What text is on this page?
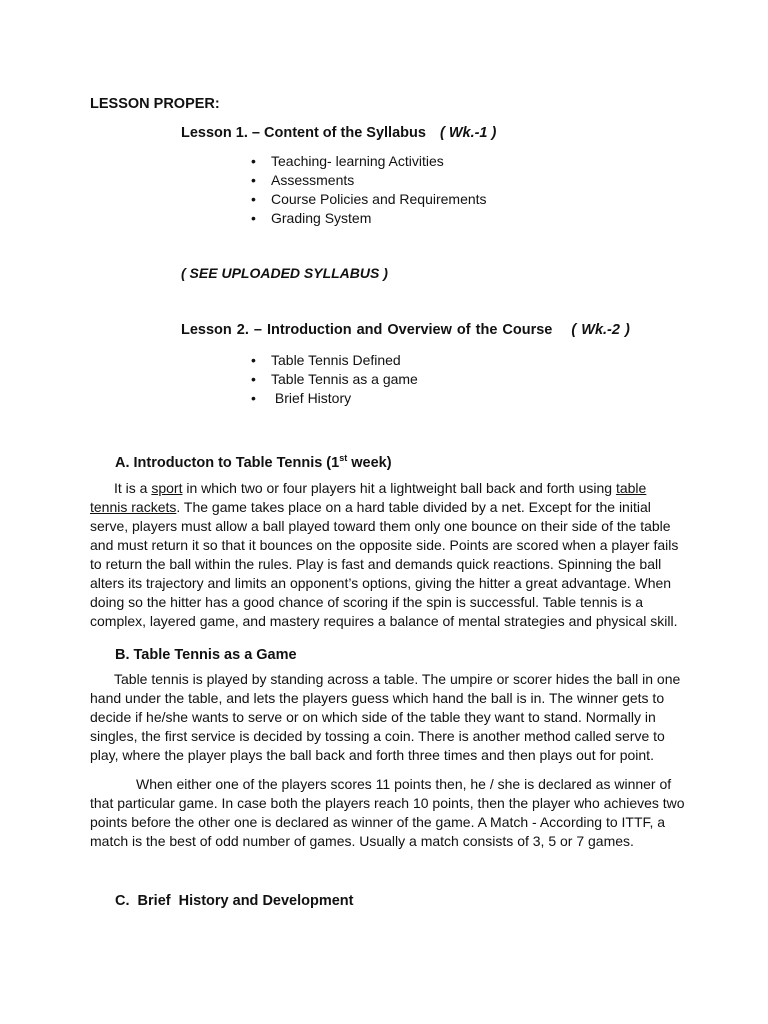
LESSON PROPER:
Lesson 1. – Content of the Syllabus ( Wk.-1 )
• Teaching- learning Activities
• Assessments
• Course Policies and Requirements
• Grading System
( SEE UPLOADED SYLLABUS )
Lesson 2. – Introduction and Overview of the Course ( Wk.-2 )
• Table Tennis Defined
• Table Tennis as a game
•  Brief History
A. Introducton to Table Tennis (1st week)
It is a sport in which two or four players hit a lightweight ball back and forth using table
tennis rackets. The game takes place on a hard table divided by a net. Except for the initial
serve, players must allow a ball played toward them only one bounce on their side of the table
and must return it so that it bounces on the opposite side. Points are scored when a player fails
to return the ball within the rules. Play is fast and demands quick reactions. Spinning the ball
alters its trajectory and limits an opponent’s options, giving the hitter a great advantage. When
doing so the hitter has a good chance of scoring if the spin is successful. Table tennis is a
complex, layered game, and mastery requires a balance of mental strategies and physical skill.
B. Table Tennis as a Game
Table tennis is played by standing across a table. The umpire or scorer hides the ball in one
hand under the table, and lets the players guess which hand the ball is in. The winner gets to
decide if he/she wants to serve or on which side of the table they want to stand. Normally in
singles, the first service is decided by tossing a coin. There is another method called serve to
play, where the player plays the ball back and forth three times and then plays out for point.
When either one of the players scores 11 points then, he / she is declared as winner of
that particular game. In case both the players reach 10 points, then the player who achieves two
points before the other one is declared as winner of the game. A Match - According to ITTF, a
match is the best of odd number of games. Usually a match consists of 3, 5 or 7 games.
C.  Brief  History and Development
